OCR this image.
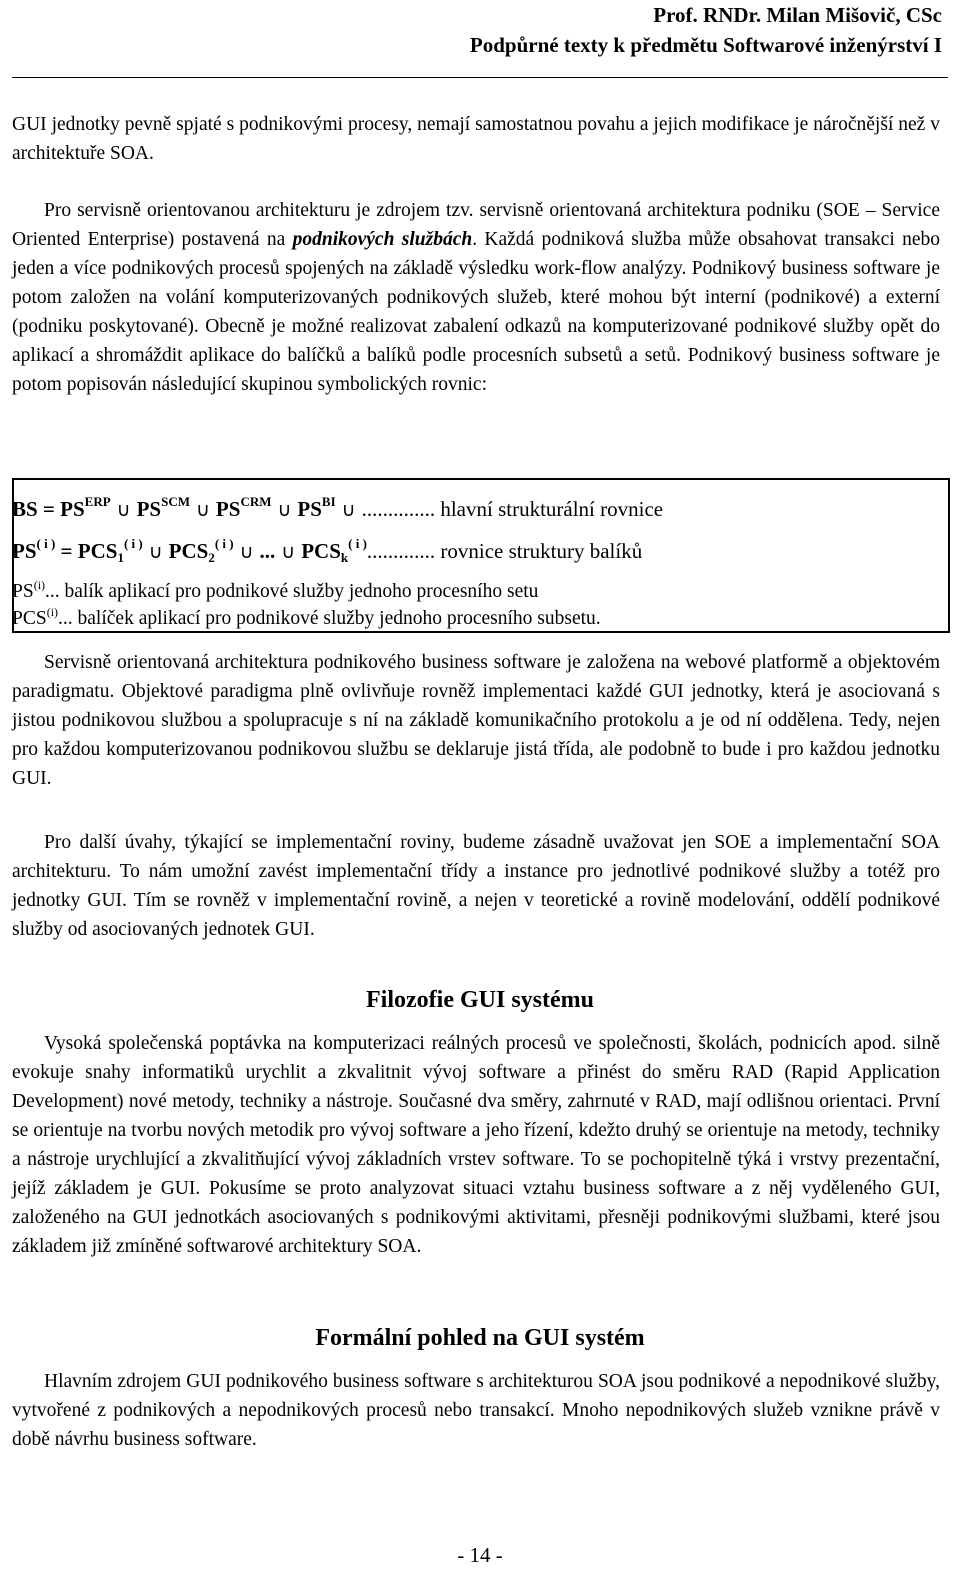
Prof. RNDr. Milan Mišovič, CSc
Podpůrné texty k předmětu Softwarové inženýrství I

GUI jednotky pevně spjaté s podnikovými procesy, nemají samostatnou povahu a jejich modifikace je náročnější než v architektuře SOA.

Pro servisně orientovanou architekturu je zdrojem tzv. servisně orientovaná architektura podniku (SOE – Service Oriented Enterprise) postavená na podnikových službách. Každá podniková služba může obsahovat transakci nebo jeden a více podnikových procesů spojených na základě výsledku work-flow analýzy. Podnikový business software je potom založen na volání komputerizovaných podnikových služeb, které mohou být interní (podnikové) a externí (podniku poskytované). Obecně je možné realizovat zabalení odkazů na komputerizované podnikové služby opět do aplikací a shromáždit aplikace do balíčků a balíků podle procesních subsetů a setů. Podnikový business software je potom popisován následující skupinou symbolických rovnic:

BS = $PS^{ERP}$ ∪ $PS^{SCM}$ ∪ $PS^{CRM}$ ∪ $PS^{BI}$ ∪ .............. hlavní strukturální rovnice
$PS^{( i )} = PCS_1^{( i )}$ ∪ $PCS_2^{( i )}$ ∪ ... ∪ $PCS_k^{( i )}$............. rovnice struktury balíků
PS$^{(i)}$... balík aplikací pro podnikové služby jednoho procesního setu
PCS$^{(i)}$... balíček aplikací pro podnikové služby jednoho procesního subsetu.

Servisně orientovaná architektura podnikového business software je založena na webové platformě a objektovém paradigmatu. Objektové paradigma plně ovlivňuje rovněž implementaci každé GUI jednotky, která je asociovaná s jistou podnikovou službou a spolupracuje s ní na základě komunikačního protokolu a je od ní oddělena. Tedy, nejen pro každou komputerizovanou podnikovou službu se deklaruje jistá třída, ale podobně to bude i pro každou jednotku GUI.

Pro další úvahy, týkající se implementační roviny, budeme zásadně uvažovat jen SOE a implementační SOA architekturu. To nám umožní zavést implementační třídy a instance pro jednotlivé podnikové služby a totéž pro jednotky GUI. Tím se rovněž v implementační rovině, a nejen v teoretické a rovině modelování, oddělí podnikové služby od asociovaných jednotek GUI.

Filozofie GUI systému

Vysoká společenská poptávka na komputerizaci reálných procesů ve společnosti, školách, podnicích apod. silně evokuje snahy informatiků urychlit a zkvalitnit vývoj software a přinést do směru RAD (Rapid Application Development) nové metody, techniky a nástroje. Současné dva směry, zahrnuté v RAD, mají odlišnou orientaci. První se orientuje na tvorbu nových metodik pro vývoj software a jeho řízení, kdežto druhý se orientuje na metody, techniky a nástroje urychlující a zkvalitňující vývoj základních vrstev software. To se pochopitelně týká i vrstvy prezentační, jejíž základem je GUI. Pokusíme se proto analyzovat situaci vztahu business software a z něj vyděleného GUI, založeného na GUI jednotkách asociovaných s podnikovými aktivitami, přesněji podnikovými službami, které jsou základem již zmíněné softwarové architektury SOA.

Formální pohled na GUI systém

Hlavním zdrojem GUI podnikového business software s architekturou SOA jsou podnikové a nepodnikové služby, vytvořené z podnikových a nepodnikových procesů nebo transakcí. Mnoho nepodnikových služeb vznikne právě v době návrhu business software.

- 14 -
